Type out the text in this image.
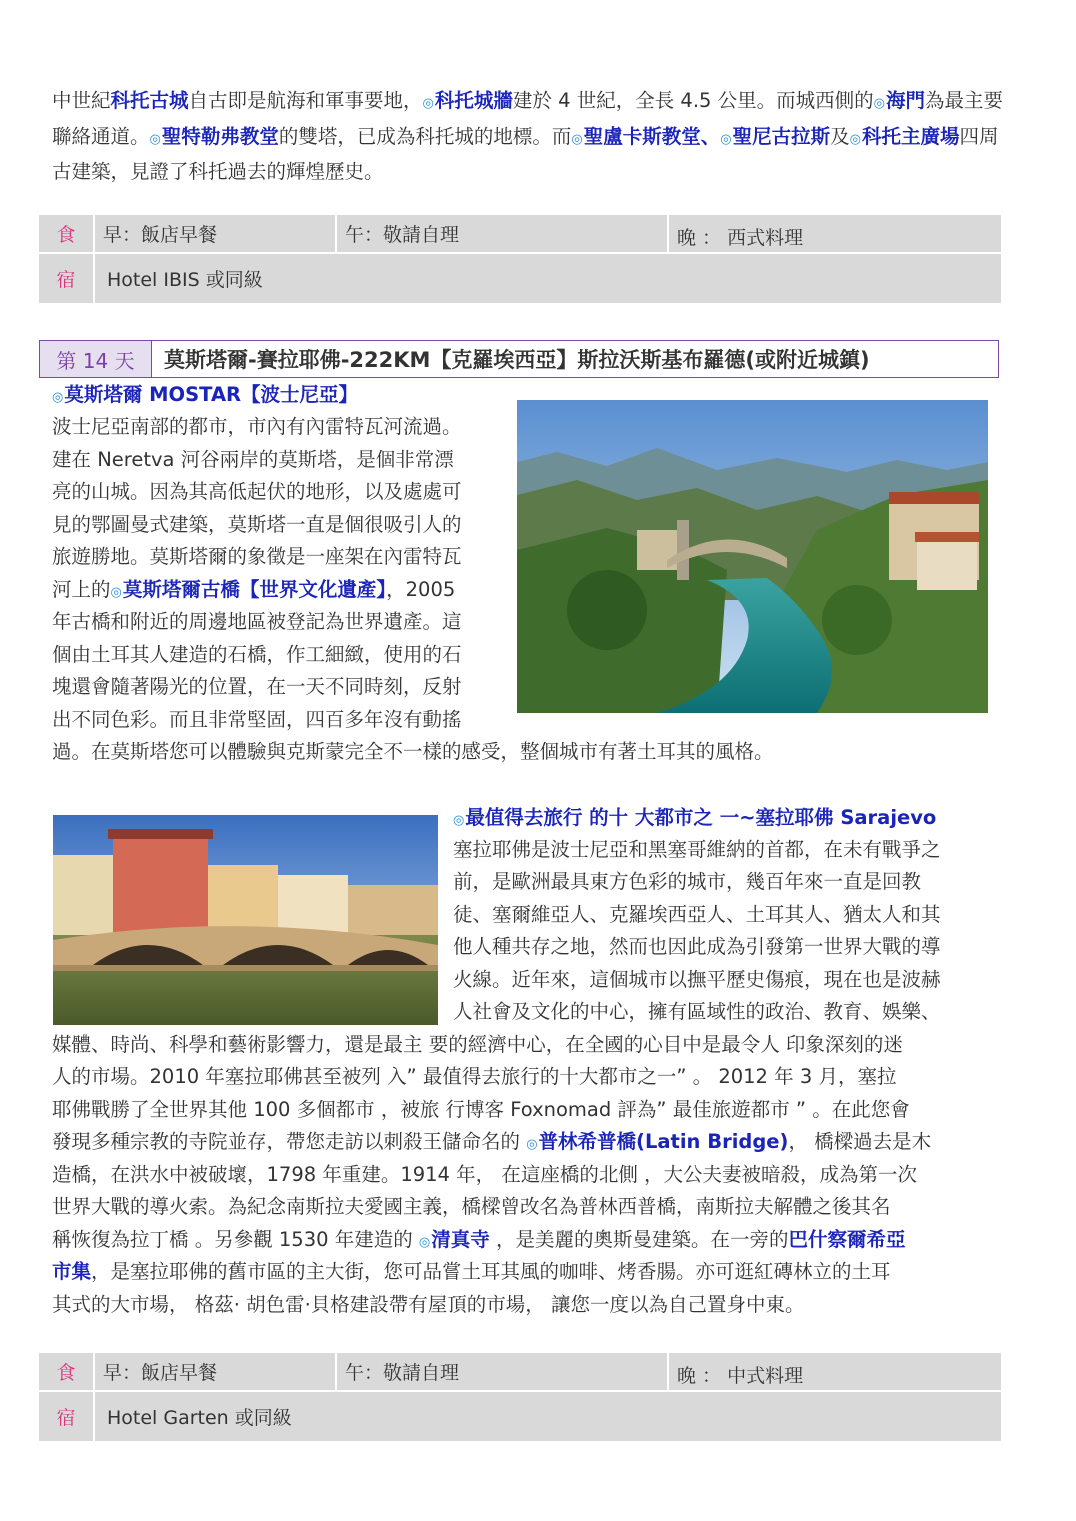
中世紀科托古城自古即是航海和軍事要地，◎科托城牆建於 4 世紀，全長 4.5 公里。而城西側的◎海門為最主要聯絡通道。◎聖特勒弗教堂的雙塔，已成為科托城的地標。而◎聖盧卡斯教堂、◎聖尼古拉斯及◎科托主廣場四周古建築，見證了科托過去的輝煌歷史。

食	早：飯店早餐	午：敬請自理	晚 ： 西式料理
宿	Hotel IBIS 或同級		
第 14 天	莫斯塔爾-賽拉耶佛-222KM【克羅埃西亞】斯拉沃斯基布羅德(或附近城鎮)

◎莫斯塔爾 MOSTAR【波士尼亞】

波士尼亞南部的都市，市內有內雷特瓦河流過。

建在 Neretva 河谷兩岸的莫斯塔，是個非常漂

亮的山城。因為其高低起伏的地形，以及處處可

見的鄂圖曼式建築，莫斯塔一直是個很吸引人的

旅遊勝地。莫斯塔爾的象徵是一座架在內雷特瓦

河上的◎莫斯塔爾古橋【世界文化遺產】，2005

年古橋和附近的周邊地區被登記為世界遺產。這

個由土耳其人建造的石橋，作工細緻，使用的石

塊還會隨著陽光的位置，在一天不同時刻，反射

出不同色彩。而且非常堅固，四百多年沒有動搖

過。在莫斯塔您可以體驗與克斯蒙完全不一樣的感受，整個城市有著土耳其的風格。

◎最值得去旅行 的十 大都市之 一~塞拉耶佛 Sarajevo

塞拉耶佛是波士尼亞和黑塞哥維納的首都，在未有戰爭之

前，是歐洲最具東方色彩的城市，幾百年來一直是回教

徒、塞爾維亞人、克羅埃西亞人、土耳其人、猶太人和其

他人種共存之地，然而也因此成為引發第一世界大戰的導

火線。近年來，這個城市以撫平歷史傷痕，現在也是波赫

人社會及文化的中心，擁有區域性的政治、教育、娛樂、

媒體、時尚、科學和藝術影響力，還是最主 要的經濟中心，在全國的心目中是最令人 印象深刻的迷

人的市場。2010 年塞拉耶佛甚至被列 入” 最值得去旅行的十大都市之一” 。 2012 年 3 月，塞拉

耶佛戰勝了全世界其他 100 多個都市 ，被旅 行博客 Foxnomad 評為” 最佳旅遊都市 ” 。在此您會

發現多種宗教的寺院並存，帶您走訪以刺殺王儲命名的 ◎普林希普橋(Latin Bridge)， 橋樑過去是木

造橋，在洪水中被破壞，1798 年重建。1914 年， 在這座橋的北側 ，大公夫妻被暗殺，成為第一次

世界大戰的導火索。為紀念南斯拉夫愛國主義，橋樑曾改名為普林西普橋，南斯拉夫解體之後其名

稱恢復為拉丁橋 。另參觀 1530 年建造的 ◎清真寺 ，是美麗的奧斯曼建築。在一旁的巴什察爾希亞

市集，是塞拉耶佛的舊市區的主大街，您可品嘗土耳其風的咖啡、烤香腸。亦可逛紅磚林立的土耳

其式的大市場， 格茲· 胡色雷·貝格建設帶有屋頂的市場， 讓您一度以為自己置身中東。

食	早：飯店早餐	午：敬請自理	晚 ： 中式料理
宿	Hotel Garten 或同級		
